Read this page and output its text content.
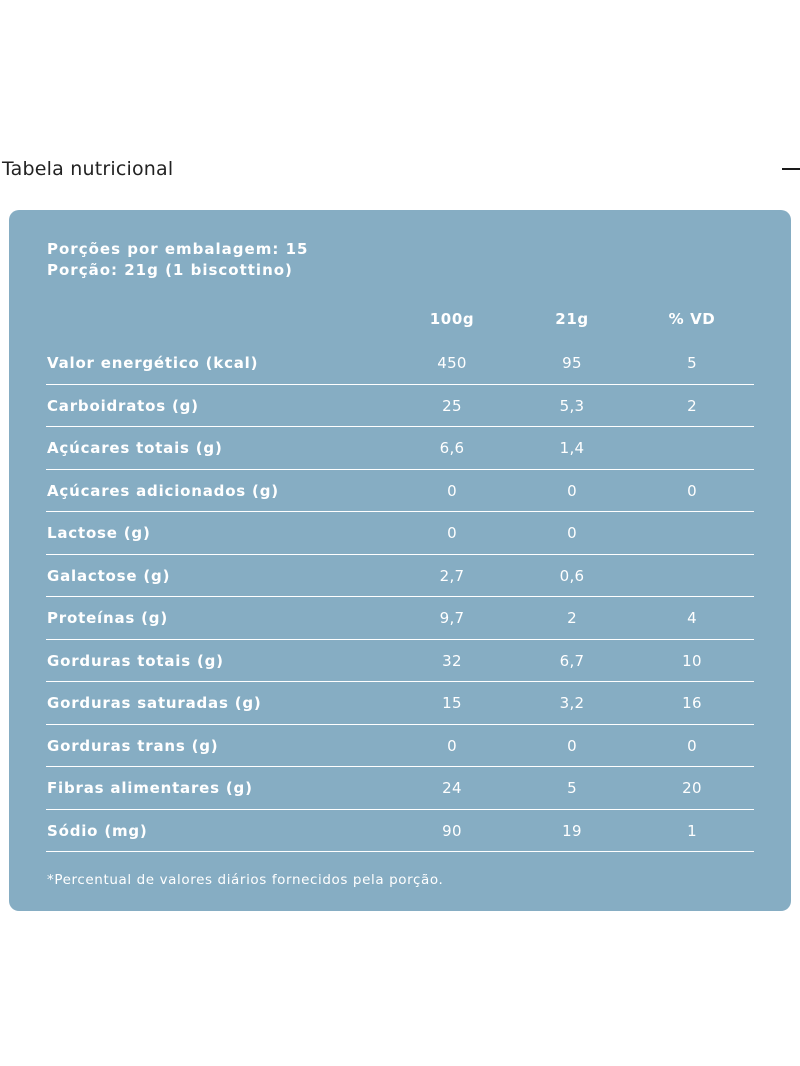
Tabela nutricional
Porções por embalagem: 15
Porção: 21g (1 biscottino)
100g	21g	% VD
Valor energético (kcal)	450	95	5
Carboidratos (g)	25	5,3	2
Açúcares totais (g)	6,6	1,4
Açúcares adicionados (g)	0	0	0
Lactose (g)	0	0
Galactose (g)	2,7	0,6
Proteínas (g)	9,7	2	4
Gorduras totais (g)	32	6,7	10
Gorduras saturadas (g)	15	3,2	16
Gorduras trans (g)	0	0	0
Fibras alimentares (g)	24	5	20
Sódio (mg)	90	19	1
*Percentual de valores diários fornecidos pela porção.
